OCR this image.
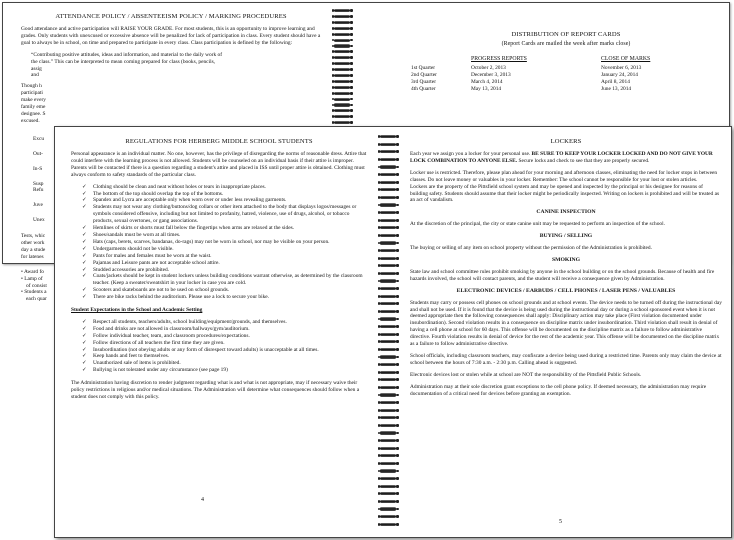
ATTENDANCE POLICY / ABSENTEEISM POLICY / MARKING PROCEDURES

Good attendance and active participation will RAISE YOUR GRADE. For most students, this is an opportunity to improve learning and grades. Only students with unexcused or excessive absence will be penalized for lack of participation in class. Every student should have a goal to always be in school, on time and prepared to participate in every class. Class participation is defined by the following:

“Contributing positive attitudes, ideas and information, and material to the daily work of
the class.” This can be interpreted to mean coming prepared for class (books, pencils,
assig
and
Though h
participati
make every
family eme
designee. S
excused.
Excu
Out-
In-S
Susp
Refu
Juve
Unex
Tests, whic
other work
day a stude
for latenes
• Award fo
• Lamp of
of consist
• Students a
each quar
DISTRIBUTION OF REPORT CARDS
(Report Cards are mailed the week after marks close)
	PROGRESS REPORTS	CLOSE OF MARKS
1st Quarter	October 2, 2013	November 6, 2013
2nd Quarter	December 3, 2013	January 24, 2014
3rd Quarter	March 4, 2014	April 8, 2014
4th Quarter	May 13, 2014	June 13, 2014
REGULATIONS FOR HERBERG MIDDLE SCHOOL STUDENTS

Personal appearance is an individual matter. No one, however, has the privilege of disregarding the norms of reasonable dress. Attire that could interfere with the learning process is not allowed. Students will be counseled on an individual basis if their attire is improper. Parents will be contacted if there is a question regarding a student's attire and placed in ISS until proper attire is obtained. Clothing must always conform to safety standards of the particular class.

✓ Clothing should be clean and neat without holes or tears in inappropriate places.
✓ The bottom of the top should overlap the top of the bottoms.
✓ Spandex and Lycra are acceptable only when worn over or under less revealing garments.
✓ Students may not wear any clothing/buttons/dog collars or other item attached to the body that displays logos/messages or symbols considered offensive, including but not limited to profanity, hatred, violence, use of drugs, alcohol, or tobacco products, sexual overtones, or gang associations.
✓ Hemlines of skirts or shorts must fall below the fingertips when arms are relaxed at the sides.
✓ Shoes/sandals must be worn at all times.
✓ Hats (caps, berets, scarves, bandanas, do-rags) may not be worn in school, nor may be visible on your person.
✓ Undergarments should not be visible.
✓ Pants for males and females must be worn at the waist.
✓ Pajamas and Leisure pants are not acceptable school attire.
✓ Studded accessories are prohibited.
✓ Coats/jackets should be kept in student lockers unless building conditions warrant otherwise, as determined by the classroom teacher. (Keep a sweater/sweatshirt in your locker in case you are cold.
✓ Scooters and skateboards are not to be used on school grounds.
✓ There are bike racks behind the auditorium. Please use a lock to secure your bike.
Student Expectations in the School and Academic Setting
✓ Respect all students, teachers/adults, school building/equipment/grounds, and themselves.
✓ Food and drinks are not allowed in classroom/hallways/gym/auditorium.
✓ Follow individual teacher, team, and classroom procedures/expectations.
✓ Follow directions of all teachers the first time they are given.
✓ Insubordination (not obeying adults or any form of disrespect toward adults) is unacceptable at all times.
✓ Keep hands and feet to themselves.
✓ Unauthorized sale of items is prohibited.
✓ Bullying is not tolerated under any circumstance (see page 19)

The Administration having discretion to render judgment regarding what is and what is not appropriate, may if necessary waive their policy restrictions in religious and/or medical situations. The Administration will determine what consequences should follow when a student does not comply with this policy.

4
LOCKERS

Each year we assign you a locker for your personal use. BE SURE TO KEEP YOUR LOCKER LOCKED AND DO NOT GIVE YOUR LOCK COMBINATION TO ANYONE ELSE. Secure locks and check to see that they are properly secured.

Locker use is restricted. Therefore, please plan ahead for your morning and afternoon classes, eliminating the need for locker stops in between classes. Do not leave money or valuables in your locker. Remember: The school cannot be responsible for your lost or stolen articles.

Lockers are the property of the Pittsfield school system and may be opened and inspected by the principal or his designee for reasons of building safety. Students should assume that their locker might be periodically inspected. Writing on lockers is prohibited and will be treated as an act of vandalism.

CANINE INSPECTION

At the discretion of the principal, the city or state canine unit may be requested to perform an inspection of the school.

BUYING / SELLING

The buying or selling of any item on school property without the permission of the Administration is prohibited.

SMOKING

State law and school committee rules prohibit smoking by anyone in the school building or on the school grounds. Because of health and fire hazards involved, the school will contact parents, and the student will receive a consequence given by Administration.

ELECTRONIC DEVICES / EARBUDS / CELL PHONES / LASER PENS / VALUABLES

Students may carry or possess cell phones on school grounds and at school events. The device needs to be turned off during the instructional day and shall not be used. If it is found that the device is being used during the instructional day or during a school sponsored event when it is not deemed appropriate then the following consequences shall apply: Disciplinary action may take place (First violation documented under insubordination). Second violation results in a consequence on discipline matrix under insubordination. Third violation shall result in denial of having a cell phone at school for 60 days. This offense will be documented on the discipline matrix as a failure to follow administrative directive. Fourth violation results in denial of device for the rest of the academic year. This offense will be documented on the discipline matrix as a failure to follow administrative directive.

School officials, including classroom teachers, may confiscate a device being used during a restricted time. Parents only may claim the device at school between the hours of 7:30 a.m. - 2:30 p.m. Calling ahead is suggested.

Electronic devices lost or stolen while at school are NOT the responsibility of the Pittsfield Public Schools.

Administration may at their sole discretion grant exceptions to the cell phone policy. If deemed necessary, the administration may require documentation of a critical need for devices before granting an exemption.

5
